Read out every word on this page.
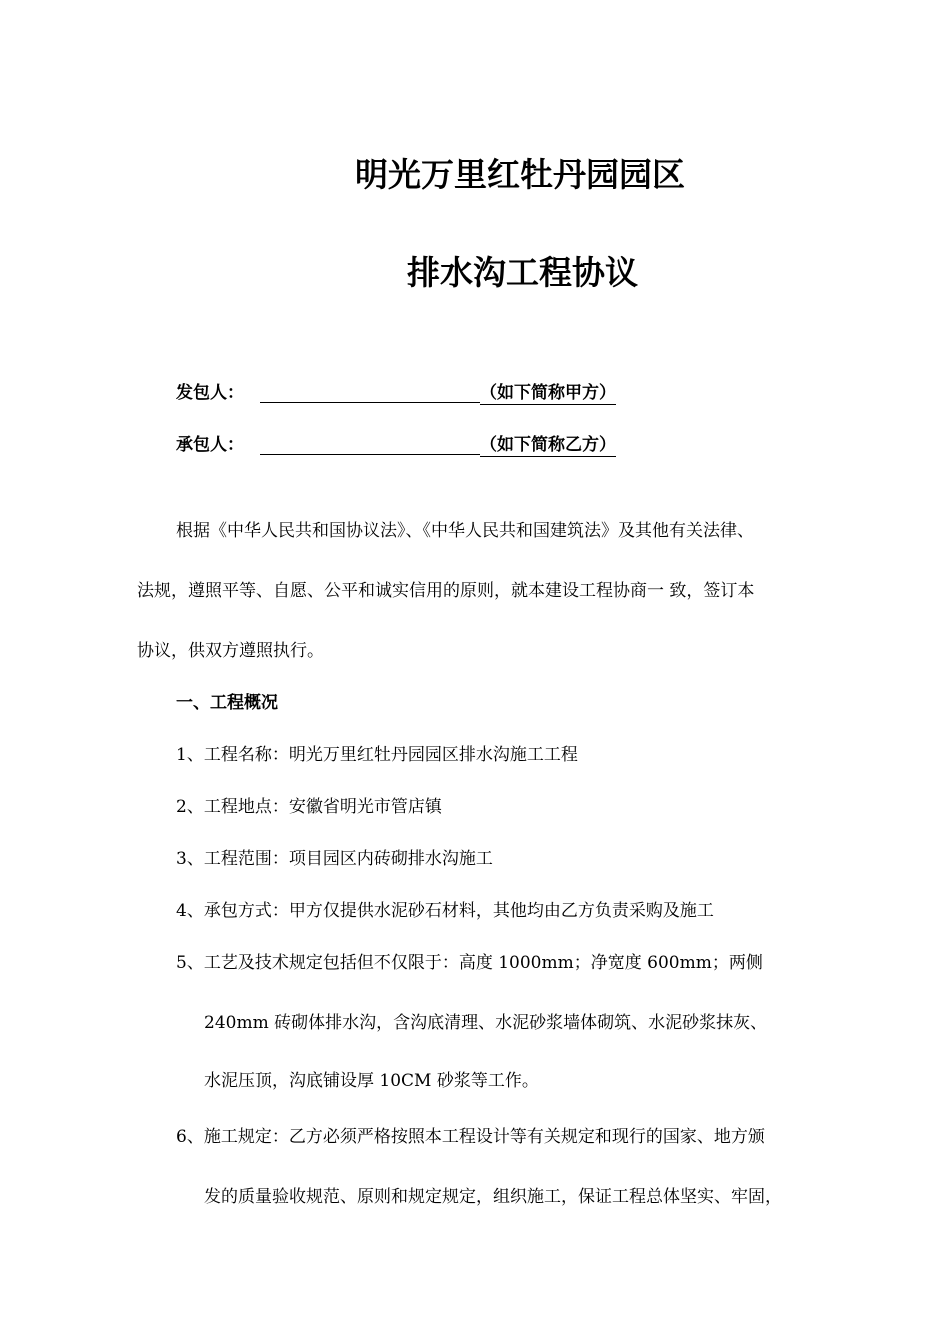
明光万里红牡丹园园区
排水沟工程协议
发包人：	（如下简称甲方）
承包人：	（如下简称乙方）
根据《中华人民共和国协议法》、《中华人民共和国建筑法》及其他有关法律、
法规，遵照平等、自愿、公平和诚实信用的原则，就本建设工程协商一 致，签订本
协议，供双方遵照执行。
一、工程概况
1、工程名称：明光万里红牡丹园园区排水沟施工工程
2、工程地点：安徽省明光市管店镇
3、工程范围：项目园区内砖砌排水沟施工
4、承包方式：甲方仅提供水泥砂石材料，其他均由乙方负责采购及施工
5、工艺及技术规定包括但不仅限于：高度 1000mm；净宽度 600mm；两侧
240mm 砖砌体排水沟，含沟底清理、水泥砂浆墙体砌筑、水泥砂浆抹灰、
水泥压顶，沟底铺设厚 10CM 砂浆等工作。
6、施工规定：乙方必须严格按照本工程设计等有关规定和现行的国家、地方颁
发的质量验收规范、原则和规定规定，组织施工，保证工程总体坚实、牢固，
